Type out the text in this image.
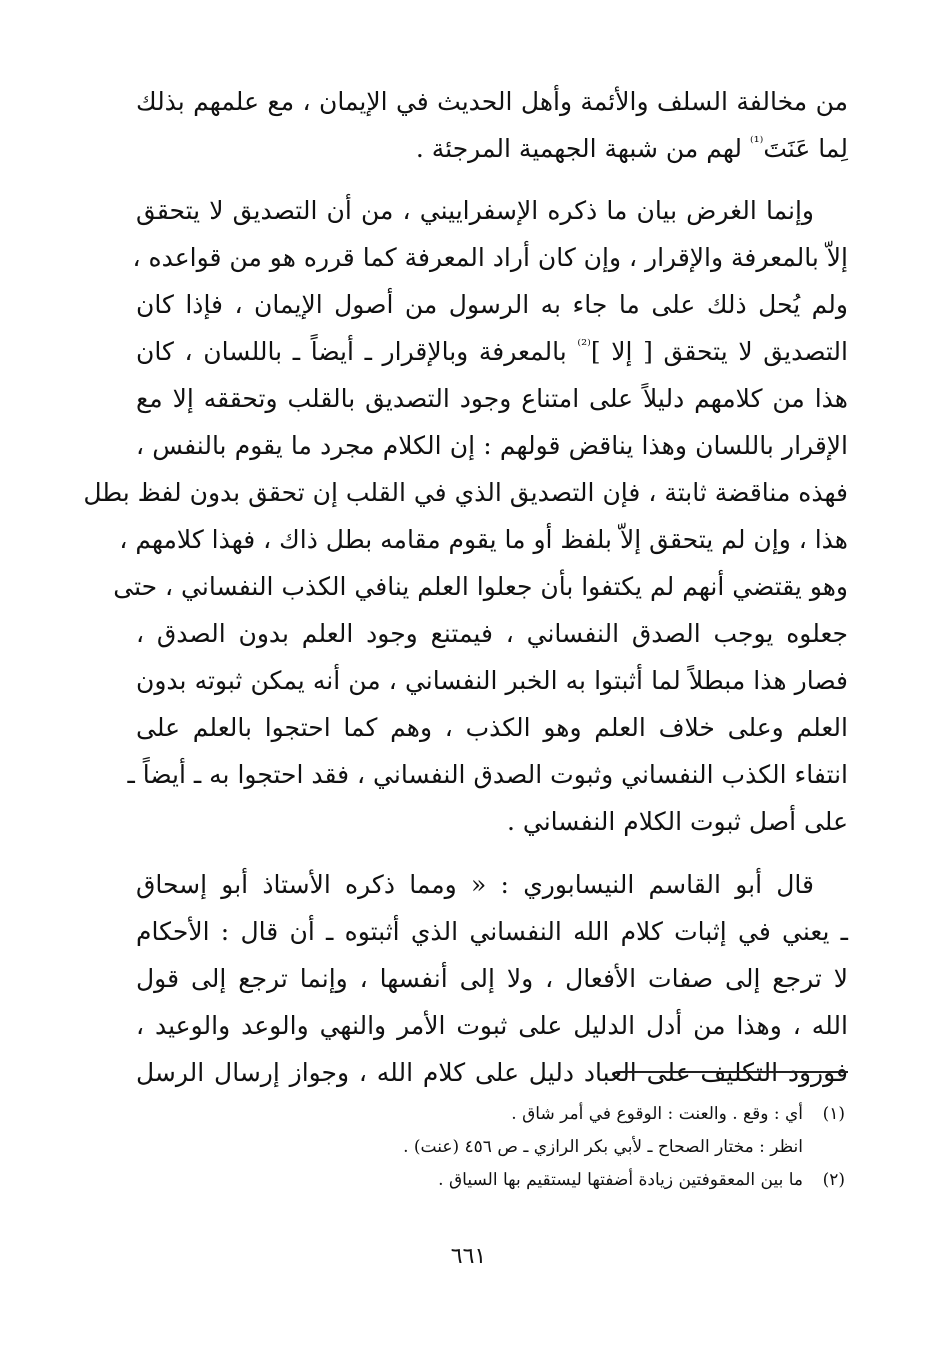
من مخالفة السلف والأئمة وأهل الحديث في الإيمان ، مع علمهم بذلك
لِما عَنَتَ$^{^{(1)}}$ لهم من شبهة الجهمية المرجئة .

وإنما الغرض بيان ما ذكره الإسفراييني ، من أن التصديق لا يتحقق
إلاّ بالمعرفة والإقرار ، وإن كان أراد المعرفة كما قرره هو من قواعده ،
ولم يُحل ذلك على ما جاء به الرسول من أصول الإيمان ، فإذا كان
التصديق لا يتحقق [ إلا ]$^{^{(2)}}$ بالمعرفة وبالإقرار ـ أيضاً ـ باللسان ، كان
هذا من كلامهم دليلاً على امتناع وجود التصديق بالقلب وتحققه إلا مع
الإقرار باللسان وهذا يناقض قولهم : إن الكلام مجرد ما يقوم بالنفس ،
فهذه مناقضة ثابتة ، فإن التصديق الذي في القلب إن تحقق بدون لفظ بطل
هذا ، وإن لم يتحقق إلاّ بلفظ أو ما يقوم مقامه بطل ذاك ، فهذا كلامهم ،
وهو يقتضي أنهم لم يكتفوا بأن جعلوا العلم ينافي الكذب النفساني ، حتى
جعلوه يوجب الصدق النفساني ، فيمتنع وجود العلم بدون الصدق ،
فصار هذا مبطلاً لما أثبتوا به الخبر النفساني ، من أنه يمكن ثبوته بدون
العلم وعلى خلاف العلم وهو الكذب ، وهم كما احتجوا بالعلم على
انتفاء الكذب النفساني وثبوت الصدق النفساني ، فقد احتجوا به ـ أيضاً ـ
على أصل ثبوت الكلام النفساني .

قال أبو القاسم النيسابوري : « ومما ذكره الأستاذ أبو إسحاق
ـ يعني في إثبات كلام الله النفساني الذي أثبتوه ـ أن قال : الأحكام
لا ترجع إلى صفات الأفعال ، ولا إلى أنفسها ، وإنما ترجع إلى قول
الله ، وهذا من أدل الدليل على ثبوت الأمر والنهي والوعد والوعيد ،
فورود التكليف على العباد دليل على كلام الله ، وجواز إرسال الرسل

(١)أي : وقع . والعنت : الوقوع في أمر شاق .
انظر : مختار الصحاح ـ لأبي بكر الرازي ـ ص ٤٥٦ (عنت) .
(٢)ما بين المعقوفتين زيادة أضفتها ليستقيم بها السياق .
٦٦١
